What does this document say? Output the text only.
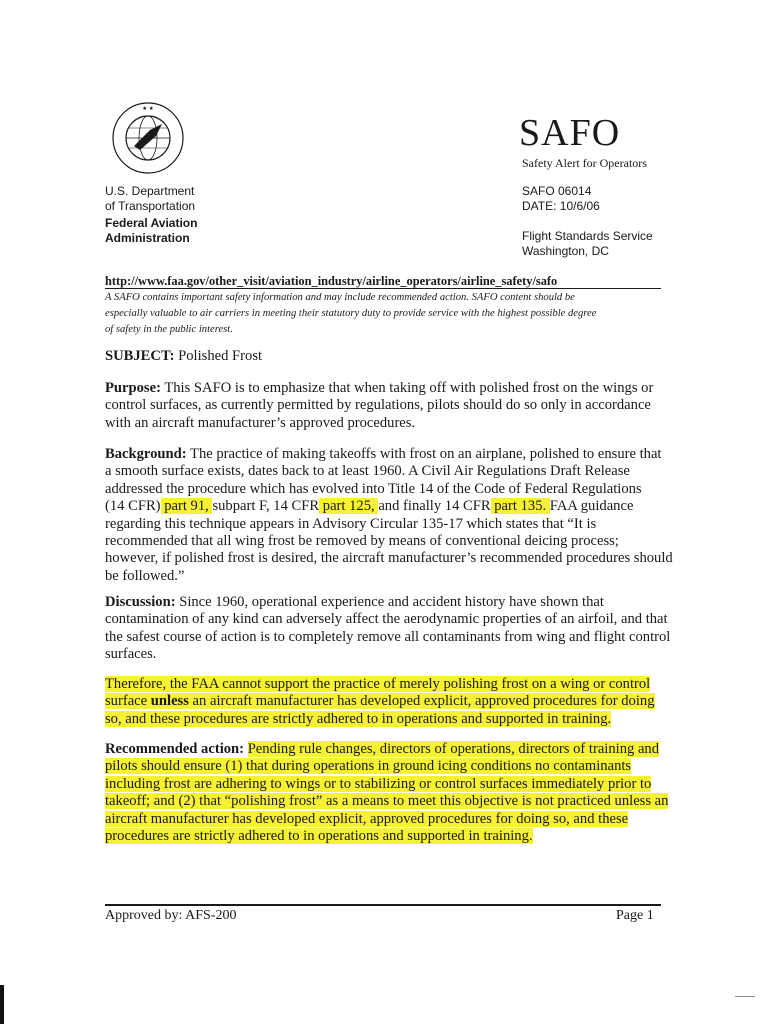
★ ★
SAFO
Safety Alert for Operators
U.S. Department
of Transportation
Federal Aviation
Administration
SAFO 06014
DATE: 10/6/06
Flight Standards Service
Washington, DC
http://www.faa.gov/other_visit/aviation_industry/airline_operators/airline_safety/safo
A SAFO contains important safety information and may include recommended action. SAFO content should be
especially valuable to air carriers in meeting their statutory duty to provide service with the highest possible degree
of safety in the public interest.
SUBJECT: Polished Frost
Purpose: This SAFO is to emphasize that when taking off with polished frost on the wings or
control surfaces, as currently permitted by regulations, pilots should do so only in accordance
with an aircraft manufacturer’s approved procedures.
Background: The practice of making takeoffs with frost on an airplane, polished to ensure that
a smooth surface exists, dates back to at least 1960. A Civil Air Regulations Draft Release
addressed the procedure which has evolved into Title 14 of the Code of Federal Regulations
(14 CFR) part 91, subpart F, 14 CFR part 125, and finally 14 CFR part 135. FAA guidance
regarding this technique appears in Advisory Circular 135-17 which states that “It is
recommended that all wing frost be removed by means of conventional deicing process;
however, if polished frost is desired, the aircraft manufacturer’s recommended procedures should
be followed.”
Discussion: Since 1960, operational experience and accident history have shown that
contamination of any kind can adversely affect the aerodynamic properties of an airfoil, and that
the safest course of action is to completely remove all contaminants from wing and flight control
surfaces.
Therefore, the FAA cannot support the practice of merely polishing frost on a wing or control
surface unless an aircraft manufacturer has developed explicit, approved procedures for doing
so, and these procedures are strictly adhered to in operations and supported in training.
Recommended action: Pending rule changes, directors of operations, directors of training and
pilots should ensure (1) that during operations in ground icing conditions no contaminants
including frost are adhering to wings or to stabilizing or control surfaces immediately prior to
takeoff; and (2) that “polishing frost” as a means to meet this objective is not practiced unless an
aircraft manufacturer has developed explicit, approved procedures for doing so, and these
procedures are strictly adhered to in operations and supported in training.
Approved by: AFS-200	Page 1
